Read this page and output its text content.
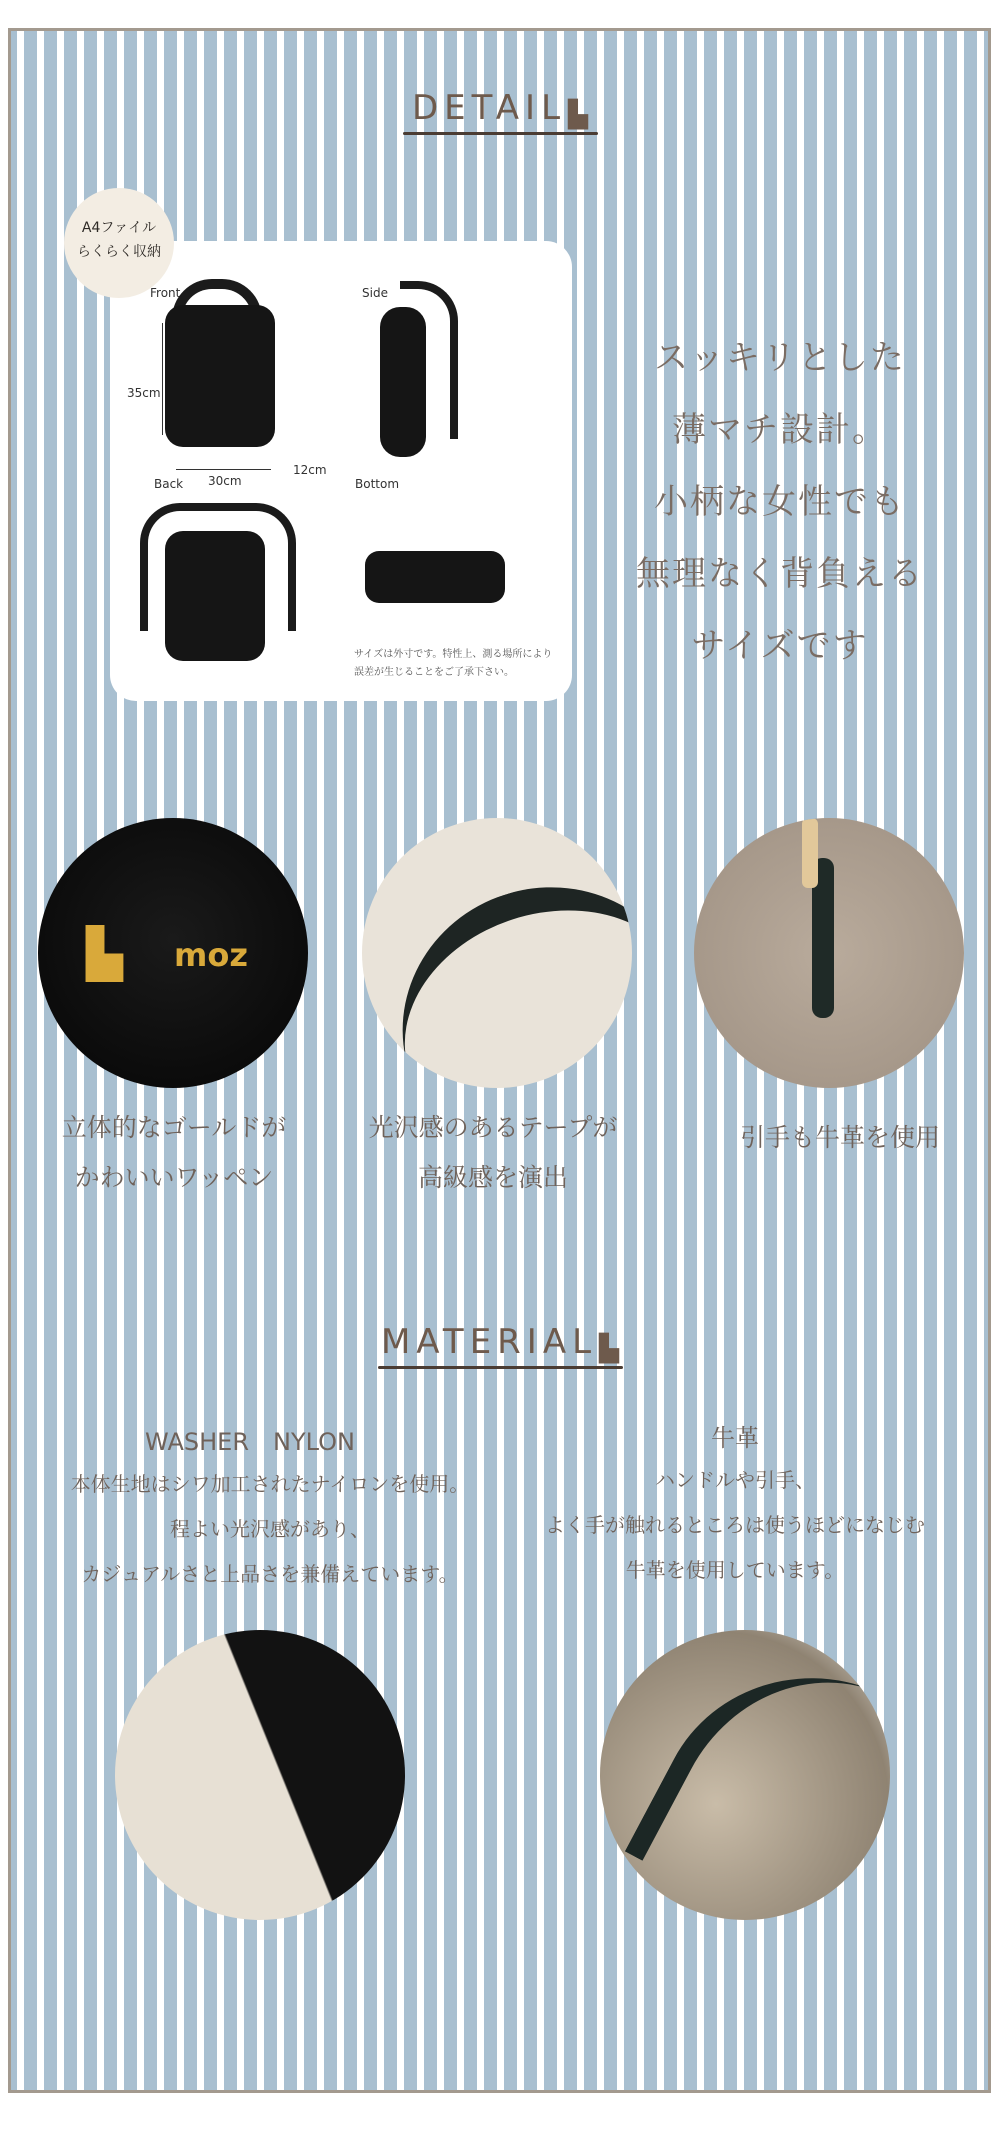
DETAIL▙
Front	Side
35cm
30cm
12cm
Back	Bottom
サイズは外寸です。特性上、測る場所により
誤差が生じることをご了承下さい。
A4ファイル
らくらく収納
スッキリとした
薄マチ設計。
小柄な女性でも
無理なく背負える
サイズです
▙ moz
立体的なゴールドが
かわいいワッペン
光沢感のあるテープが
高級感を演出
引手も牛革を使用
MATERIAL▙
WASHER　NYLON
本体生地はシワ加工されたナイロンを使用。
程よい光沢感があり、
カジュアルさと上品さを兼備えています。
牛革
ハンドルや引手、
よく手が触れるところは使うほどになじむ
牛革を使用しています。
